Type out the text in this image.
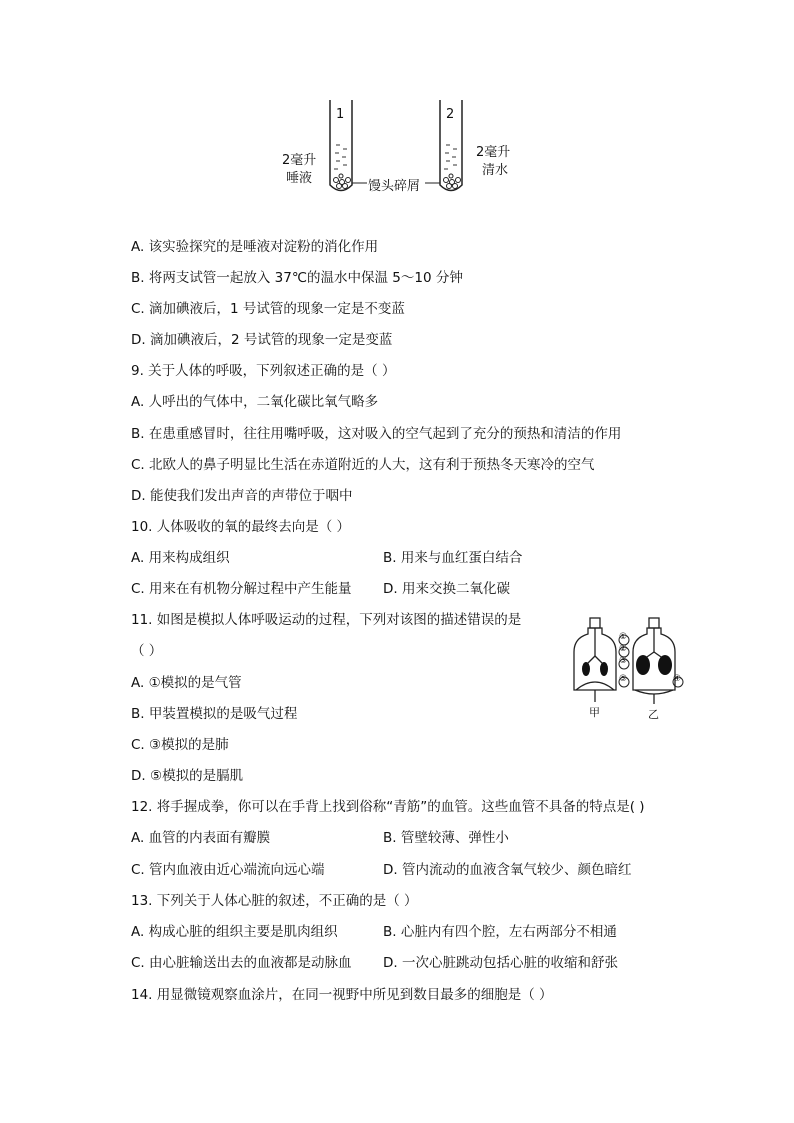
1	2
2毫升
唾液
2毫升
清水
馒头碎屑
A. 该实验探究的是唾液对淀粉的消化作用
B. 将两支试管一起放入 37℃的温水中保温 5～10 分钟
C. 滴加碘液后，1 号试管的现象一定是不变蓝
D. 滴加碘液后，2 号试管的现象一定是变蓝
9. 关于人体的呼吸，下列叙述正确的是（ ）
A. 人呼出的气体中，二氧化碳比氧气略多
B. 在患重感冒时，往往用嘴呼吸，这对吸入的空气起到了充分的预热和清洁的作用
C. 北欧人的鼻子明显比生活在赤道附近的人大，这有利于预热冬天寒冷的空气
D. 能使我们发出声音的声带位于咽中
10. 人体吸收的氧的最终去向是（ ）
A. 用来构成组织	B. 用来与血红蛋白结合
C. 用来在有机物分解过程中产生能量 D. 用来交换二氧化碳
11. 如图是模拟人体呼吸运动的过程，下列对该图的描述错误的是
（ ）
A. ①模拟的是气管
B. 甲装置模拟的是吸气过程
C. ③模拟的是肺
D. ⑤模拟的是膈肌
①
②
③
④
⑤
甲	乙
12. 将手握成拳，你可以在手背上找到俗称“青筋”的血管。这些血管不具备的特点是( )
A. 血管的内表面有瓣膜	B. 管壁较薄、弹性小
C. 管内血液由近心端流向远心端	D. 管内流动的血液含氧气较少、颜色暗红
13. 下列关于人体心脏的叙述，不正确的是（ ）
A. 构成心脏的组织主要是肌肉组织	B. 心脏内有四个腔，左右两部分不相通
C. 由心脏输送出去的血液都是动脉血 D. 一次心脏跳动包括心脏的收缩和舒张
14. 用显微镜观察血涂片，在同一视野中所见到数目最多的细胞是（ ）
